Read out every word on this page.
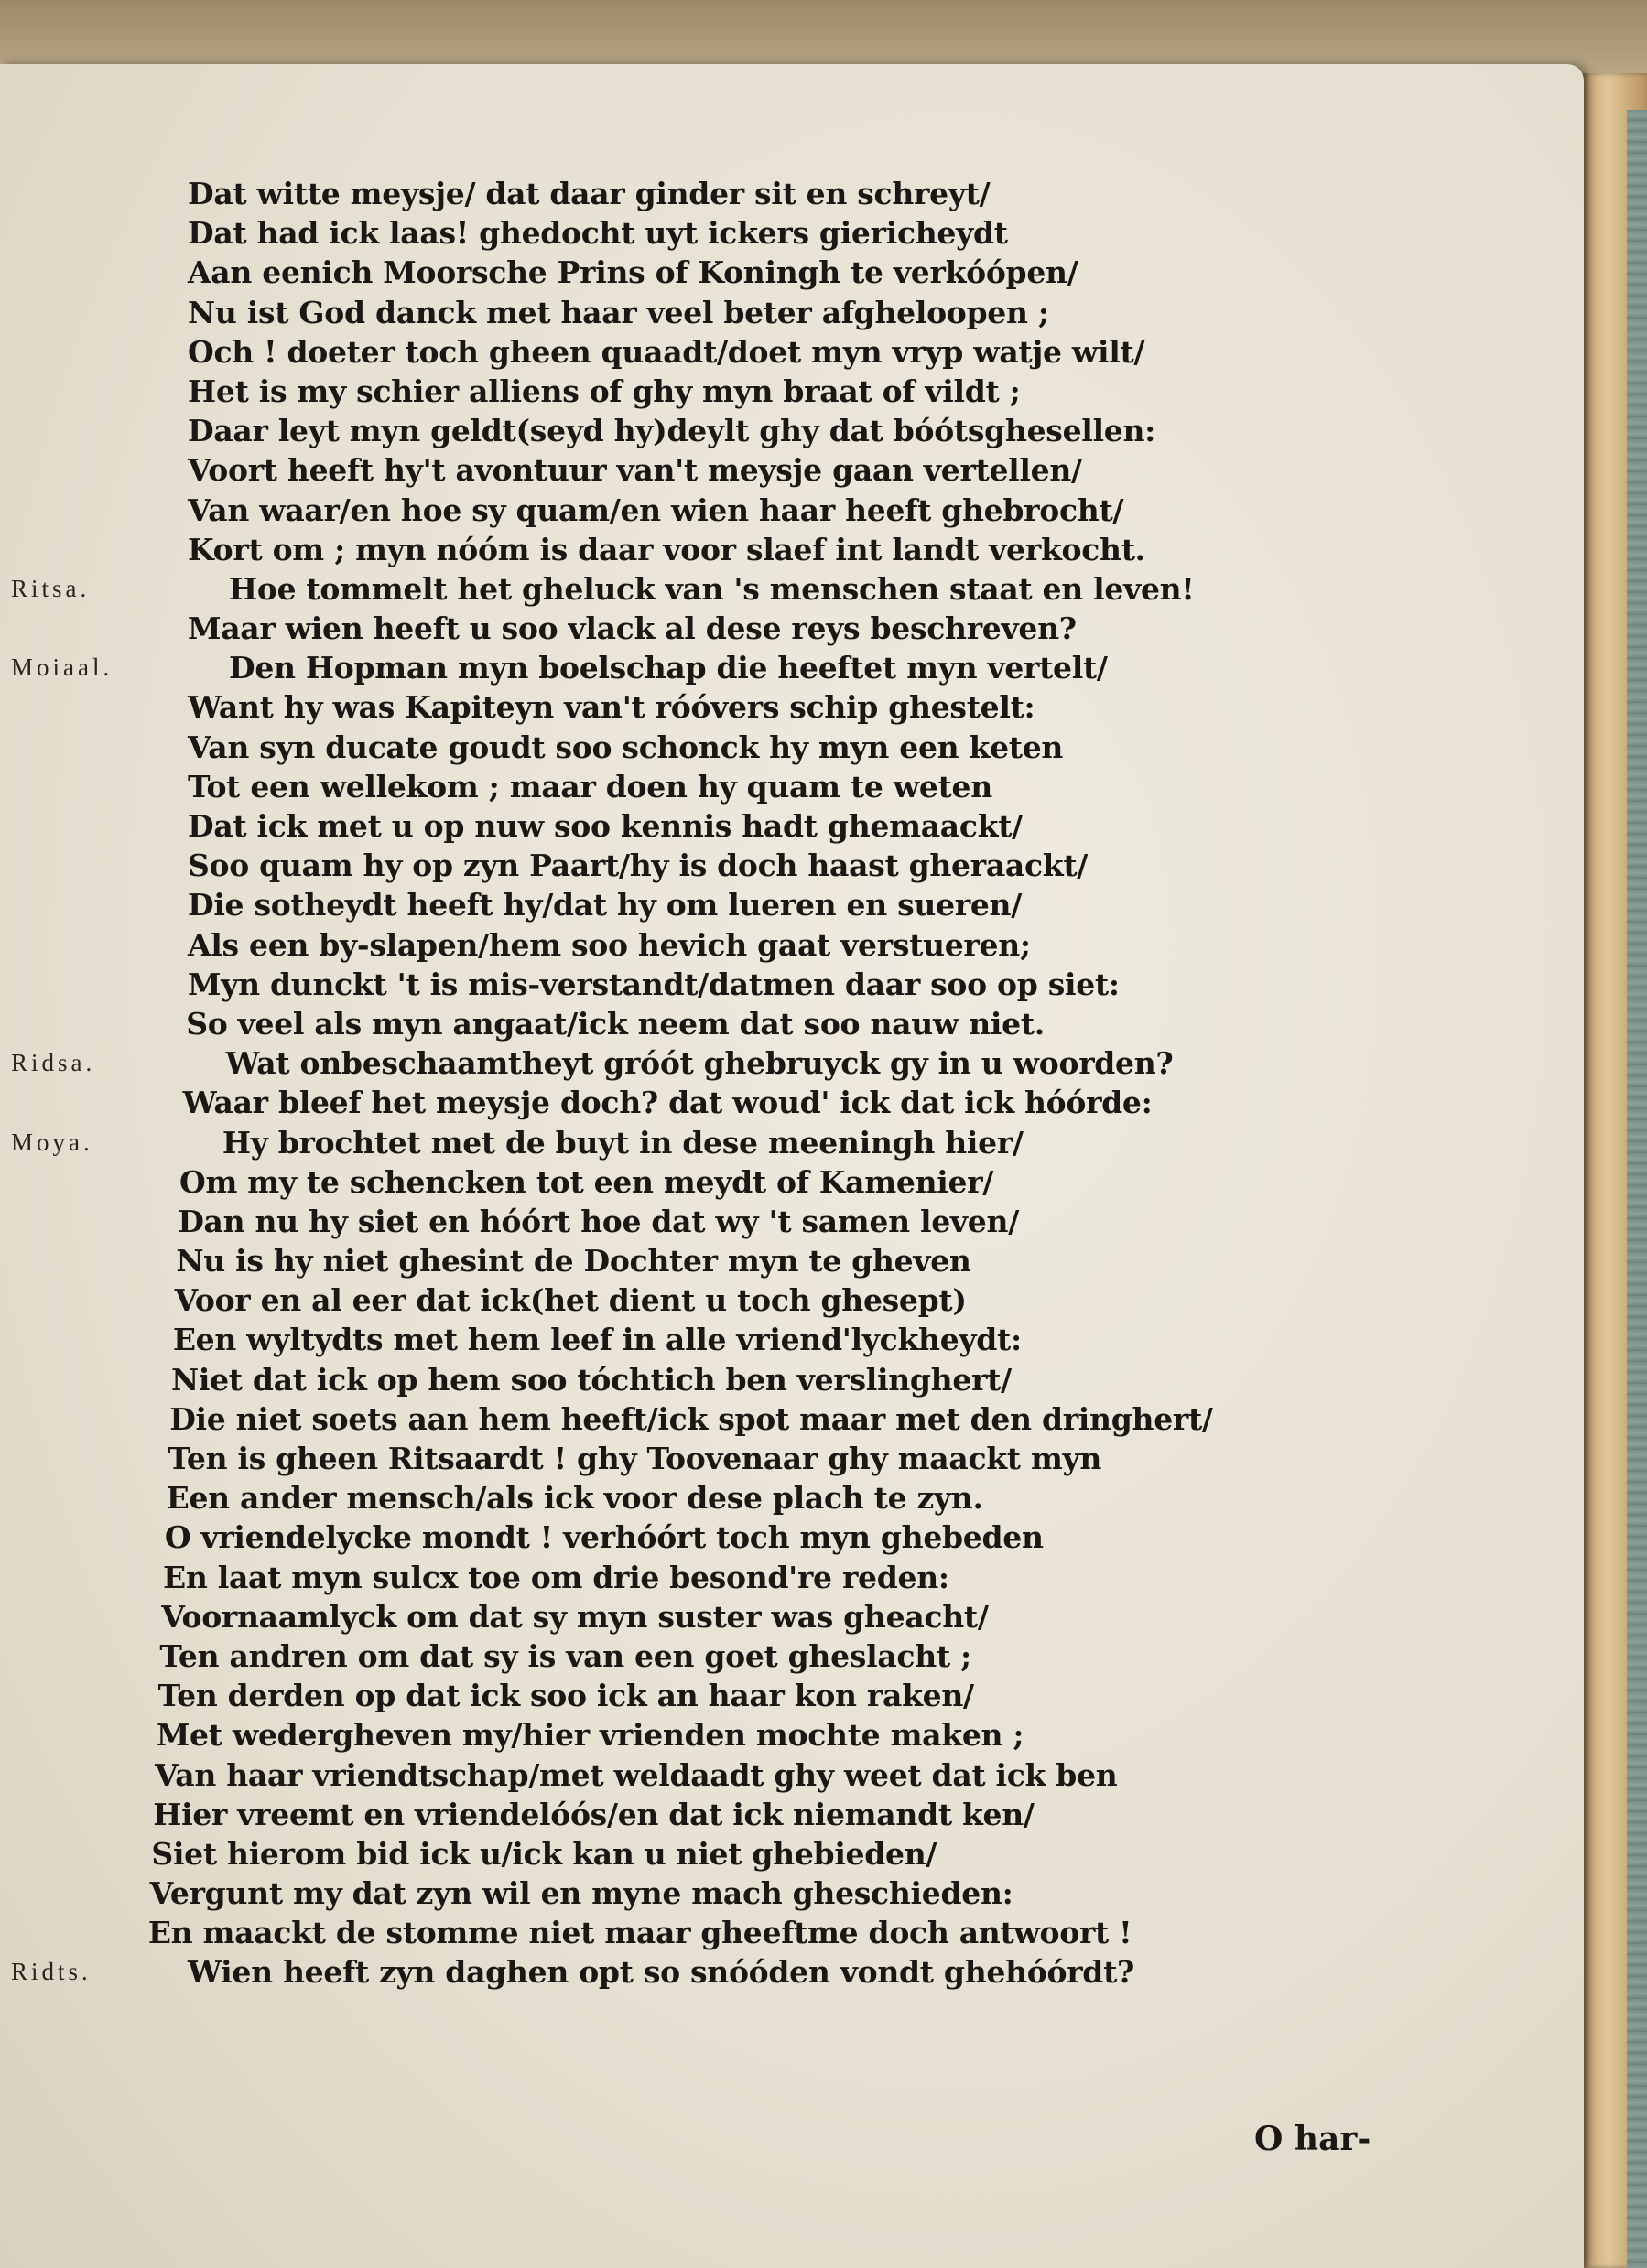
Dat witte meysje/ dat daar ginder sit en schreyt/
Dat had ick laas! ghedocht uyt ickers giericheydt
Aan eenich Moorsche Prins of Koningh te verkóópen/
Nu ist God danck met haar veel beter afgheloopen ;
Och ! doeter toch gheen quaadt/doet myn vryp watje wilt/
Het is my schier alliens of ghy myn braat of vildt ;
Daar leyt myn geldt(seyd hy)deylt ghy dat bóótsghesellen:
Voort heeft hy't avontuur van't meysje gaan vertellen/
Van waar/en hoe sy quam/en wien haar heeft ghebrocht/
Kort om ; myn nóóm is daar voor slaef int landt verkocht.
Ritsa.	Hoe tommelt het gheluck van 's menschen staat en leven!
Maar wien heeft u soo vlack al dese reys beschreven?
Moiaal.	Den Hopman myn boelschap die heeftet myn vertelt/
Want hy was Kapiteyn van't róóvers schip ghestelt:
Van syn ducate goudt soo schonck hy myn een keten
Tot een wellekom ; maar doen hy quam te weten
Dat ick met u op nuw soo kennis hadt ghemaackt/
Soo quam hy op zyn Paart/hy is doch haast gheraackt/
Die sotheydt heeft hy/dat hy om lueren en sueren/
Als een by-slapen/hem soo hevich gaat verstueren;
Myn dunckt 't is mis-verstandt/datmen daar soo op siet:
So veel als myn angaat/ick neem dat soo nauw niet.
Ridsa.	Wat onbeschaamtheyt gróót ghebruyck gy in u woorden?
Waar bleef het meysje doch? dat woud' ick dat ick hóórde:
Moya.	Hy brochtet met de buyt in dese meeningh hier/
Om my te schencken tot een meydt of Kamenier/
Dan nu hy siet en hóórt hoe dat wy 't samen leven/
Nu is hy niet ghesint de Dochter myn te gheven
Voor en al eer dat ick(het dient u toch ghesept)
Een wyltydts met hem leef in alle vriend'lyckheydt:
Niet dat ick op hem soo tóchtich ben verslinghert/
Die niet soets aan hem heeft/ick spot maar met den dringhert/
Ten is gheen Ritsaardt ! ghy Toovenaar ghy maackt myn
Een ander mensch/als ick voor dese plach te zyn.
O vriendelycke mondt ! verhóórt toch myn ghebeden
En laat myn sulcx toe om drie besond're reden:
Voornaamlyck om dat sy myn suster was gheacht/
Ten andren om dat sy is van een goet gheslacht ;
Ten derden op dat ick soo ick an haar kon raken/
Met wedergheven my/hier vrienden mochte maken ;
Van haar vriendtschap/met weldaadt ghy weet dat ick ben
Hier vreemt en vriendelóós/en dat ick niemandt ken/
Siet hierom bid ick u/ick kan u niet ghebieden/
Vergunt my dat zyn wil en myne mach gheschieden:
En maackt de stomme niet maar gheeftme doch antwoort !
Ridts.	Wien heeft zyn daghen opt so snóóden vondt ghehóórdt?
O har-
